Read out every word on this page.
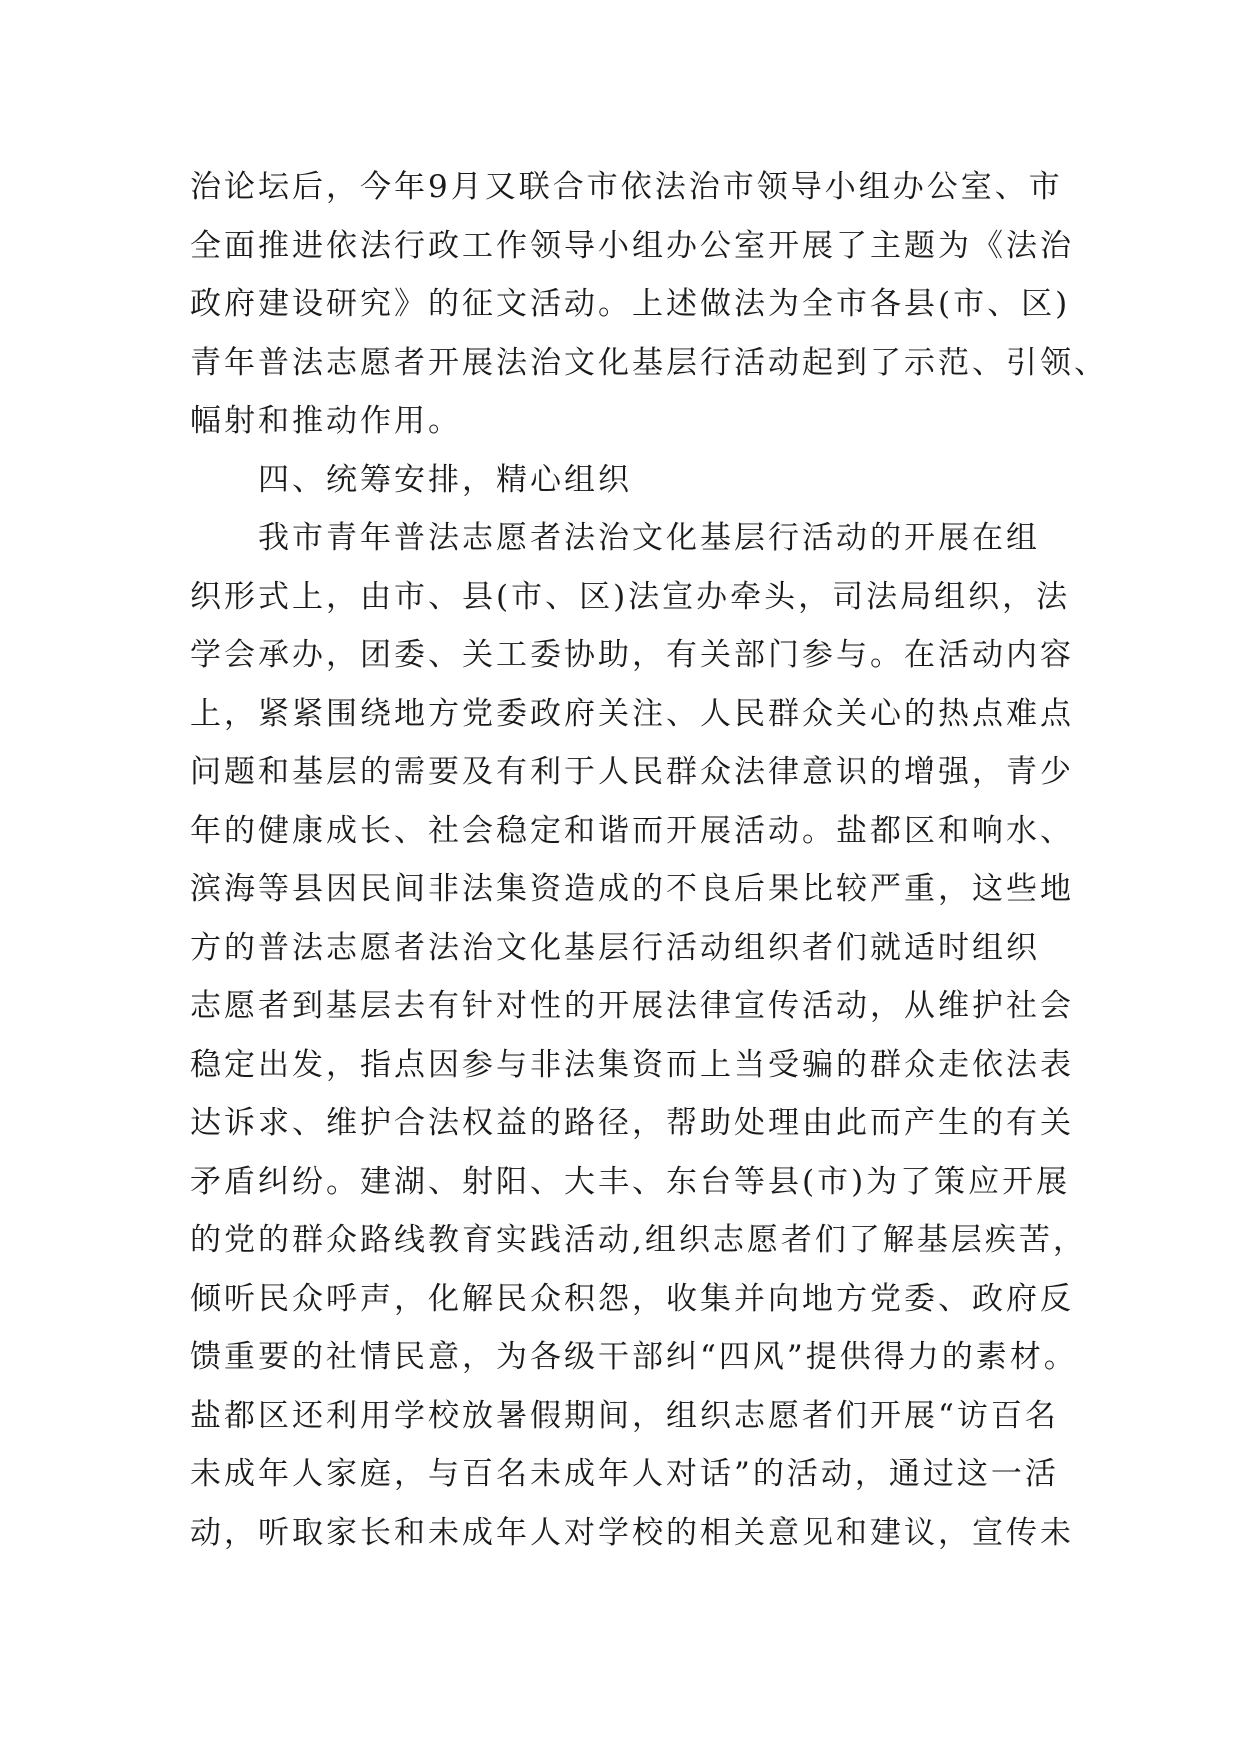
治论坛后，今年9月又联合市依法治市领导小组办公室、市
全面推进依法行政工作领导小组办公室开展了主题为《法治
政府建设研究》的征文活动。上述做法为全市各县(市、区)
青年普法志愿者开展法治文化基层行活动起到了示范、引领、
幅射和推动作用。
四、统筹安排，精心组织
我市青年普法志愿者法治文化基层行活动的开展在组
织形式上，由市、县(市、区)法宣办牵头，司法局组织，法
学会承办，团委、关工委协助，有关部门参与。在活动内容
上，紧紧围绕地方党委政府关注、人民群众关心的热点难点
问题和基层的需要及有利于人民群众法律意识的增强，青少
年的健康成长、社会稳定和谐而开展活动。盐都区和响水、
滨海等县因民间非法集资造成的不良后果比较严重，这些地
方的普法志愿者法治文化基层行活动组织者们就适时组织
志愿者到基层去有针对性的开展法律宣传活动，从维护社会
稳定出发，指点因参与非法集资而上当受骗的群众走依法表
达诉求、维护合法权益的路径，帮助处理由此而产生的有关
矛盾纠纷。建湖、射阳、大丰、东台等县(市)为了策应开展
的党的群众路线教育实践活动,组织志愿者们了解基层疾苦，
倾听民众呼声，化解民众积怨，收集并向地方党委、政府反
馈重要的社情民意，为各级干部纠“四风”提供得力的素材。
盐都区还利用学校放暑假期间，组织志愿者们开展“访百名
未成年人家庭，与百名未成年人对话”的活动，通过这一活
动，听取家长和未成年人对学校的相关意见和建议，宣传未
